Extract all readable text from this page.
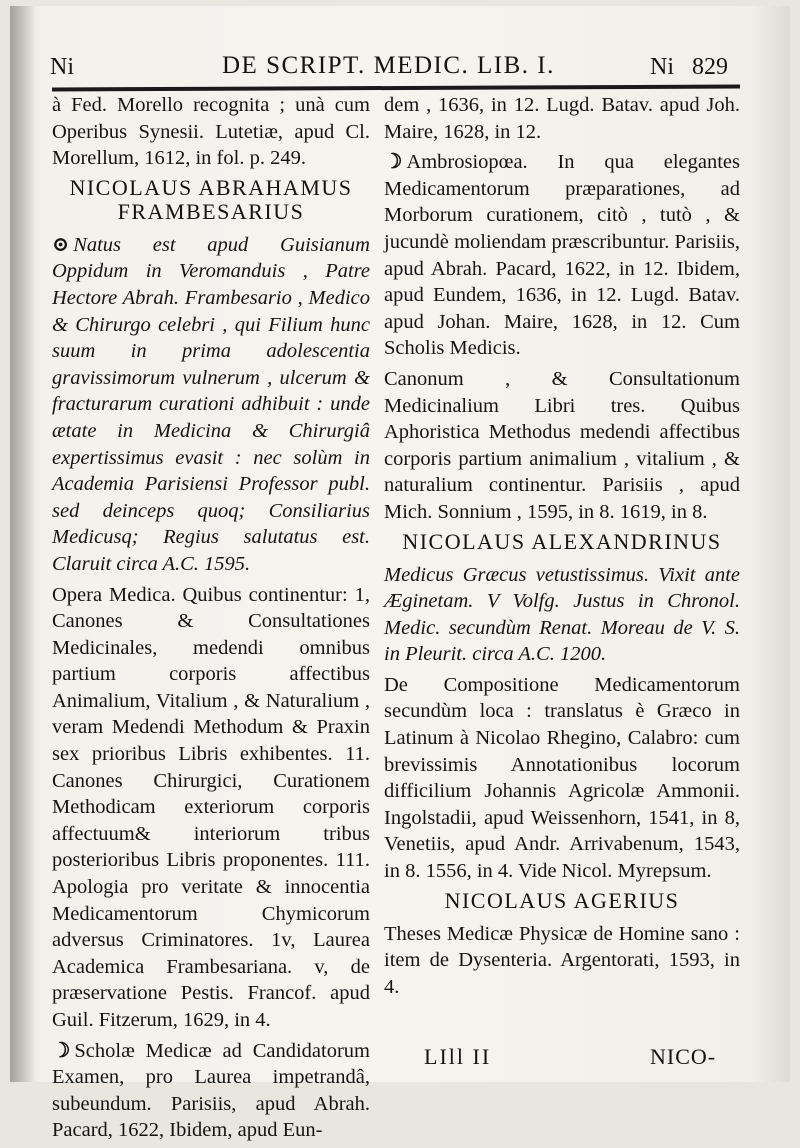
Ni	DE SCRIPT. MEDIC. LIB. I.	Ni 829

à Fed. Morello recognita ; unà cum Operibus Synesii. Lutetiæ, apud Cl. Morellum, 1612, in fol. p. 249.

NICOLAUS ABRAHAMUS FRAMBESARIUS

⊙ Natus est apud Guisianum Oppidum in Veromanduis , Patre Hectore Abrah. Frambesario , Medico & Chirurgo celebri , qui Filium hunc suum in prima adolescentia gravissimorum vulnerum , ulcerum & fracturarum curationi adhibuit : unde ætate in Medicina & Chirurgiâ expertissimus evasit : nec solùm in Academia Parisiensi Professor publ. sed deinceps quoq; Consiliarius Medicusq; Regius salutatus est. Claruit circa A.C. 1595.

Opera Medica. Quibus continentur: 1, Canones & Consultationes Medicinales, medendi omnibus partium corporis affectibus Animalium, Vitalium , & Naturalium , veram Medendi Methodum & Praxin sex prioribus Libris exhibentes. 11. Canones Chirurgici, Curationem Methodicam exteriorum corporis affectuum& interiorum tribus posterioribus Libris proponentes. 111. Apologia pro veritate & innocentia Medicamentorum Chymicorum adversus Criminatores. 1v, Laurea Academica Frambesariana. v, de præservatione Pestis. Francof. apud Guil. Fitzerum, 1629, in 4.

☽ Scholæ Medicæ ad Candidatorum Examen, pro Laurea impetrandâ, subeundum. Parisiis, apud Abrah. Pacard, 1622, Ibidem, apud Eun-

dem , 1636, in 12. Lugd. Batav. apud Joh. Maire, 1628, in 12.

☽ Ambrosiopœa. In qua elegantes Medicamentorum præparationes, ad Morborum curationem, citò , tutò , & jucundè moliendam præscribuntur. Parisiis, apud Abrah. Pacard, 1622, in 12. Ibidem, apud Eundem, 1636, in 12. Lugd. Batav. apud Johan. Maire, 1628, in 12. Cum Scholis Medicis.

Canonum , & Consultationum Medicinalium Libri tres. Quibus Aphoristica Methodus medendi affectibus corporis partium animalium , vitalium , & naturalium continentur. Parisiis , apud Mich. Sonnium , 1595, in 8. 1619, in 8.

NICOLAUS ALEXANDRINUS

Medicus Græcus vetustissimus. Vixit ante Æginetam. V Volfg. Justus in Chronol. Medic. secundùm Renat. Moreau de V. S. in Pleurit. circa A.C. 1200.

De Compositione Medicamentorum secundùm loca : translatus è Græco in Latinum à Nicolao Rhegino, Calabro: cum brevissimis Annotationibus locorum difficilium Johannis Agricolæ Ammonii. Ingolstadii, apud Weissenhorn, 1541, in 8, Venetiis, apud Andr. Arrivabenum, 1543, in 8. 1556, in 4. Vide Nicol. Myrepsum.

NICOLAUS AGERIUS

Theses Medicæ Physicæ de Homine sano : item de Dysenteria. Argentorati, 1593, in 4.

LIll II	NICO-
